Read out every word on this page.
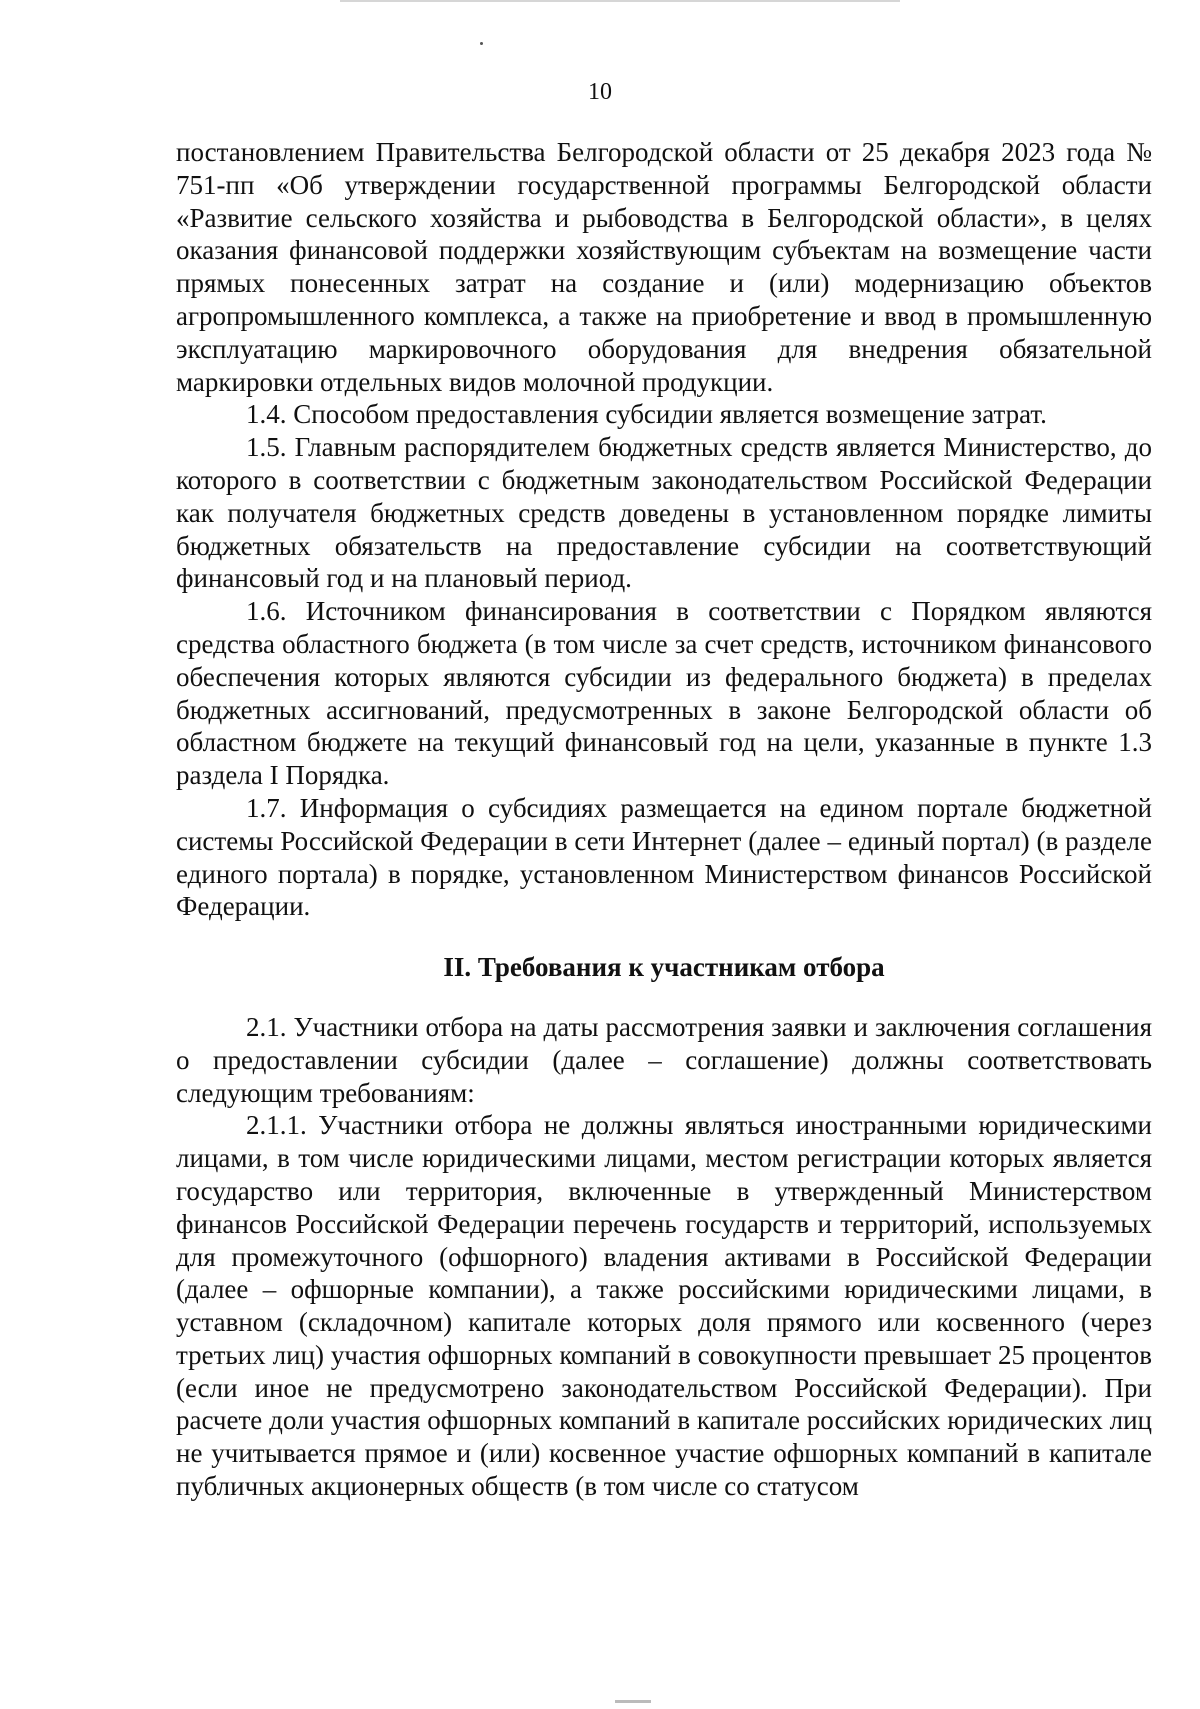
10

постановлением Правительства Белгородской области от 25 декабря 2023 года № 751-пп «Об утверждении государственной программы Белгородской области «Развитие сельского хозяйства и рыбоводства в Белгородской области», в целях оказания финансовой поддержки хозяйствующим субъектам на возмещение части прямых понесенных затрат на создание и (или) модернизацию объектов агропромышленного комплекса, а также на приобретение и ввод в промышленную эксплуатацию маркировочного оборудования для внедрения обязательной маркировки отдельных видов молочной продукции.

1.4. Способом предоставления субсидии является возмещение затрат.

1.5. Главным распорядителем бюджетных средств является Министерство, до которого в соответствии с бюджетным законодательством Российской Федерации как получателя бюджетных средств доведены в установленном порядке лимиты бюджетных обязательств на предоставление субсидии на соответствующий финансовый год и на плановый период.

1.6. Источником финансирования в соответствии с Порядком являются средства областного бюджета (в том числе за счет средств, источником финансового обеспечения которых являются субсидии из федерального бюджета) в пределах бюджетных ассигнований, предусмотренных в законе Белгородской области об областном бюджете на текущий финансовый год на цели, указанные в пункте 1.3 раздела I Порядка.

1.7. Информация о субсидиях размещается на едином портале бюджетной системы Российской Федерации в сети Интернет (далее – единый портал) (в разделе единого портала) в порядке, установленном Министерством финансов Российской Федерации.

II. Требования к участникам отбора

2.1. Участники отбора на даты рассмотрения заявки и заключения соглашения о предоставлении субсидии (далее – соглашение) должны соответствовать следующим требованиям:

2.1.1. Участники отбора не должны являться иностранными юридическими лицами, в том числе юридическими лицами, местом регистрации которых является государство или территория, включенные в утвержденный Министерством финансов Российской Федерации перечень государств и территорий, используемых для промежуточного (офшорного) владения активами в Российской Федерации (далее – офшорные компании), а также российскими юридическими лицами, в уставном (складочном) капитале которых доля прямого или косвенного (через третьих лиц) участия офшорных компаний в совокупности превышает 25 процентов (если иное не предусмотрено законодательством Российской Федерации). При расчете доли участия офшорных компаний в капитале российских юридических лиц не учитывается прямое и (или) косвенное участие офшорных компаний в капитале публичных акционерных обществ (в том числе со статусом
